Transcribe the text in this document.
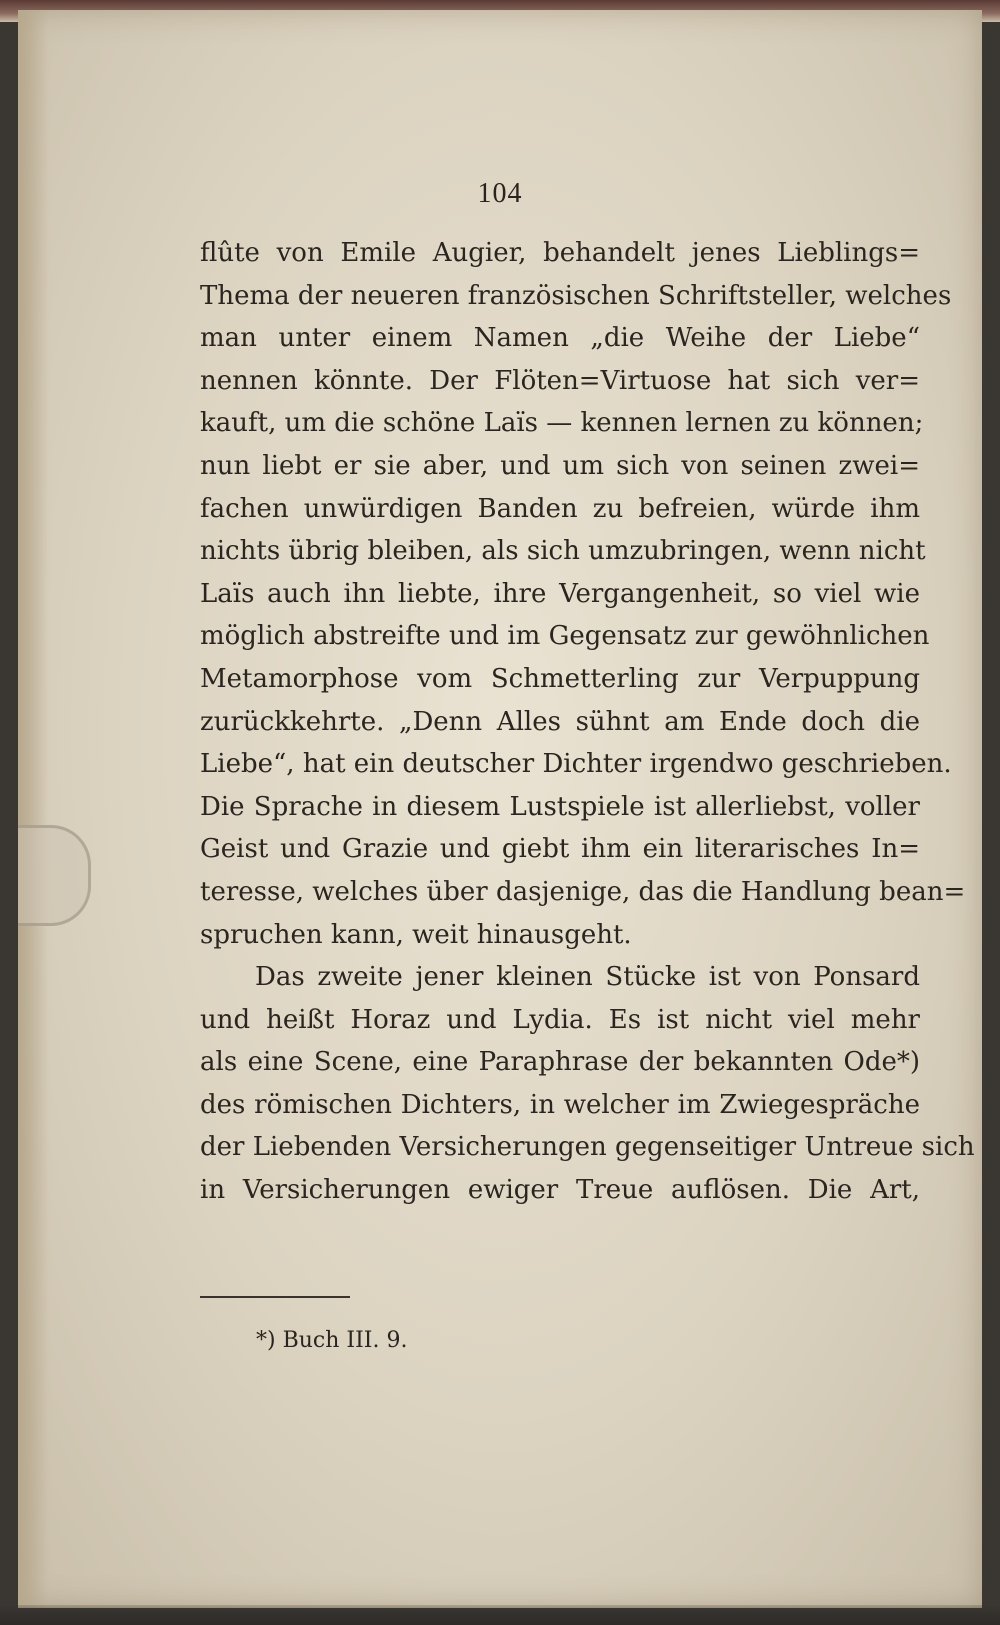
104
flûte von Emile Augier, behandelt jenes Lieblings=
Thema der neueren französischen Schriftsteller, welches
man unter einem Namen „die Weihe der Liebe“
nennen könnte. Der Flöten=Virtuose hat sich ver=
kauft, um die schöne Laïs — kennen lernen zu können;
nun liebt er sie aber, und um sich von seinen zwei=
fachen unwürdigen Banden zu befreien, würde ihm
nichts übrig bleiben, als sich umzubringen, wenn nicht
Laïs auch ihn liebte, ihre Vergangenheit, so viel wie
möglich abstreifte und im Gegensatz zur gewöhnlichen
Metamorphose vom Schmetterling zur Verpuppung
zurückkehrte. „Denn Alles sühnt am Ende doch die
Liebe“, hat ein deutscher Dichter irgendwo geschrieben.
Die Sprache in diesem Lustspiele ist allerliebst, voller
Geist und Grazie und giebt ihm ein literarisches In=
teresse, welches über dasjenige, das die Handlung bean=
spruchen kann, weit hinausgeht.
Das zweite jener kleinen Stücke ist von Ponsard
und heißt Horaz und Lydia. Es ist nicht viel mehr
als eine Scene, eine Paraphrase der bekannten Ode*)
des römischen Dichters, in welcher im Zwiegespräche
der Liebenden Versicherungen gegenseitiger Untreue sich
in Versicherungen ewiger Treue auflösen. Die Art,
*) Buch III. 9.
